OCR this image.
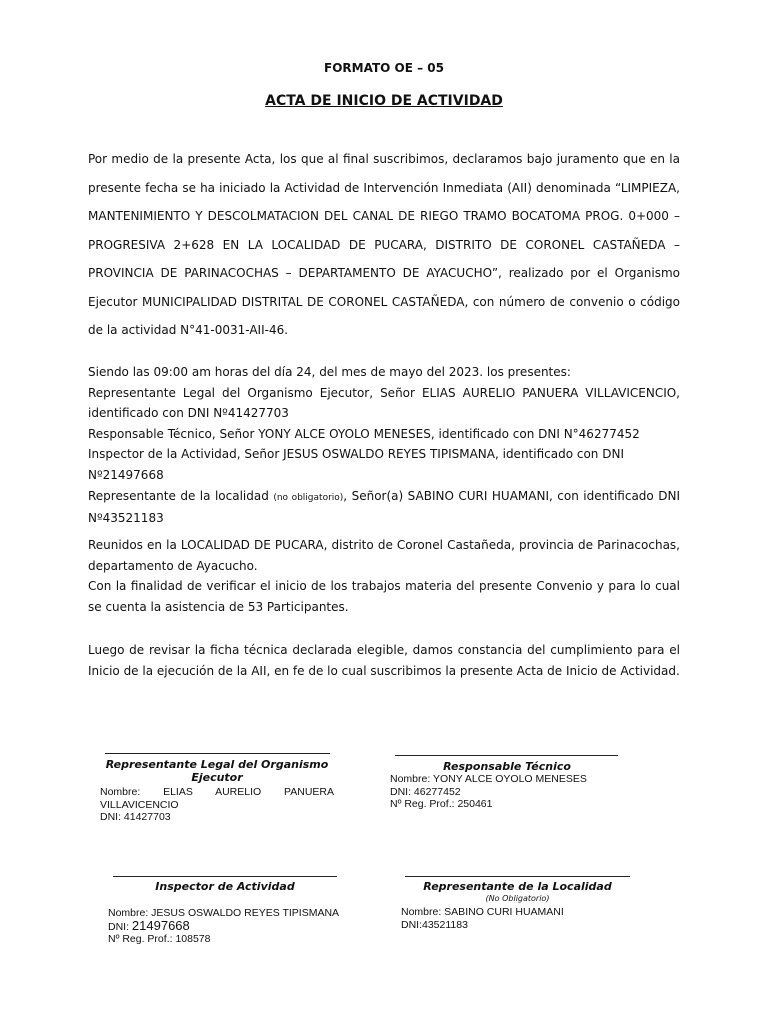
FORMATO OE – 05
ACTA DE INICIO DE ACTIVIDAD
Por medio de la presente Acta, los que al final suscribimos, declaramos bajo juramento que en la presente fecha se ha iniciado la Actividad de Intervención Inmediata (AII) denominada “LIMPIEZA, MANTENIMIENTO Y DESCOLMATACION DEL CANAL DE RIEGO TRAMO BOCATOMA PROG. 0+000 – PROGRESIVA 2+628 EN LA LOCALIDAD DE PUCARA, DISTRITO DE CORONEL CASTAÑEDA – PROVINCIA DE PARINACOCHAS – DEPARTAMENTO DE AYACUCHO”, realizado por el Organismo Ejecutor MUNICIPALIDAD DISTRITAL DE CORONEL CASTAÑEDA, con número de convenio o código de la actividad N°41-0031-AII-46.
Siendo las 09:00 am horas del día 24, del mes de mayo del 2023. los presentes:
Representante Legal del Organismo Ejecutor, Señor ELIAS AURELIO PANUERA VILLAVICENCIO, identificado con DNI Nº41427703
Responsable Técnico, Señor YONY ALCE OYOLO MENESES, identificado con DNI N°46277452
Inspector de la Actividad, Señor JESUS OSWALDO REYES TIPISMANA, identificado con DNI Nº21497668
Representante de la localidad (no obligatorio), Señor(a) SABINO CURI HUAMANI, con identificado DNI Nº43521183
Reunidos en la LOCALIDAD DE PUCARA, distrito de Coronel Castañeda, provincia de Parinacochas, departamento de Ayacucho.
Con la finalidad de verificar el inicio de los trabajos materia del presente Convenio y para lo cual se cuenta la asistencia de 53 Participantes.
Luego de revisar la ficha técnica declarada elegible, damos constancia del cumplimiento para el Inicio de la ejecución de la AII, en fe de lo cual suscribimos la presente Acta de Inicio de Actividad.
Representante Legal del Organismo Ejecutor
Nombre: ELIAS AURELIO PANUERA VILLAVICENCIO
DNI: 41427703
Responsable Técnico
Nombre: YONY ALCE OYOLO MENESES
DNI: 46277452
Nº Reg. Prof.: 250461
Inspector de Actividad
Nombre: JESUS OSWALDO REYES TIPISMANA
DNI: 21497668
Nº Reg. Prof.: 108578
Representante de la Localidad
(No Obligatorio)
Nombre: SABINO CURI HUAMANI
DNI:43521183
